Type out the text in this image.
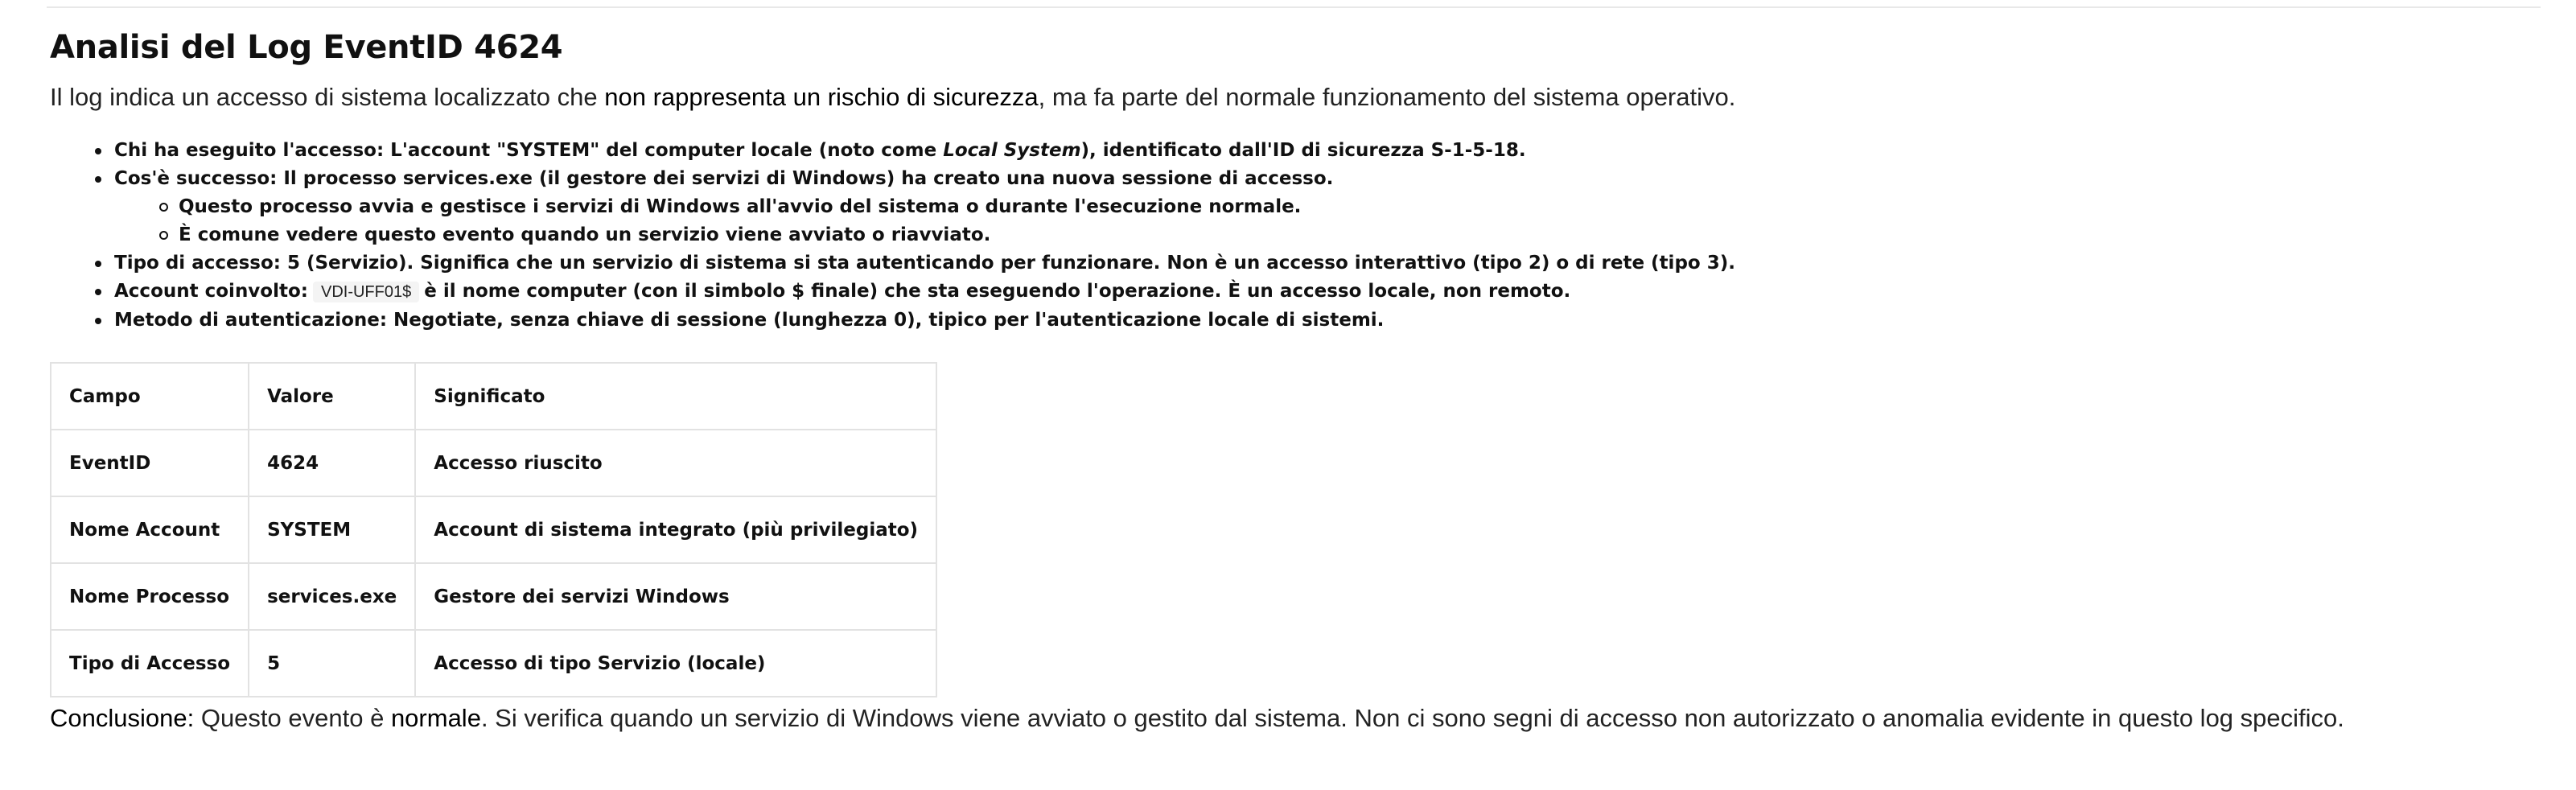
Analisi del Log EventID 4624

Il log indica un accesso di sistema localizzato che non rappresenta un rischio di sicurezza, ma fa parte del normale funzionamento del sistema operativo.

Chi ha eseguito l'accesso: L'account "SYSTEM" del computer locale (noto come Local System), identificato dall'ID di sicurezza S-1-5-18.
Cos'è successo: Il processo services.exe (il gestore dei servizi di Windows) ha creato una nuova sessione di accesso.
Questo processo avvia e gestisce i servizi di Windows all'avvio del sistema o durante l'esecuzione normale.
È comune vedere questo evento quando un servizio viene avviato o riavviato.
Tipo di accesso: 5 (Servizio). Significa che un servizio di sistema si sta autenticando per funzionare. Non è un accesso interattivo (tipo 2) o di rete (tipo 3).
Account coinvolto: VDI-UFF01$ è il nome computer (con il simbolo $ finale) che sta eseguendo l'operazione. È un accesso locale, non remoto.
Metodo di autenticazione: Negotiate, senza chiave di sessione (lunghezza 0), tipico per l'autenticazione locale di sistemi.
Campo	Valore	Significato
EventID	4624	Accesso riuscito
Nome Account	SYSTEM	Account di sistema integrato (più privilegiato)
Nome Processo	services.exe	Gestore dei servizi Windows
Tipo di Accesso	5	Accesso di tipo Servizio (locale)
Conclusione: Questo evento è normale. Si verifica quando un servizio di Windows viene avviato o gestito dal sistema. Non ci sono segni di accesso non autorizzato o anomalia evidente in questo log specifico.
